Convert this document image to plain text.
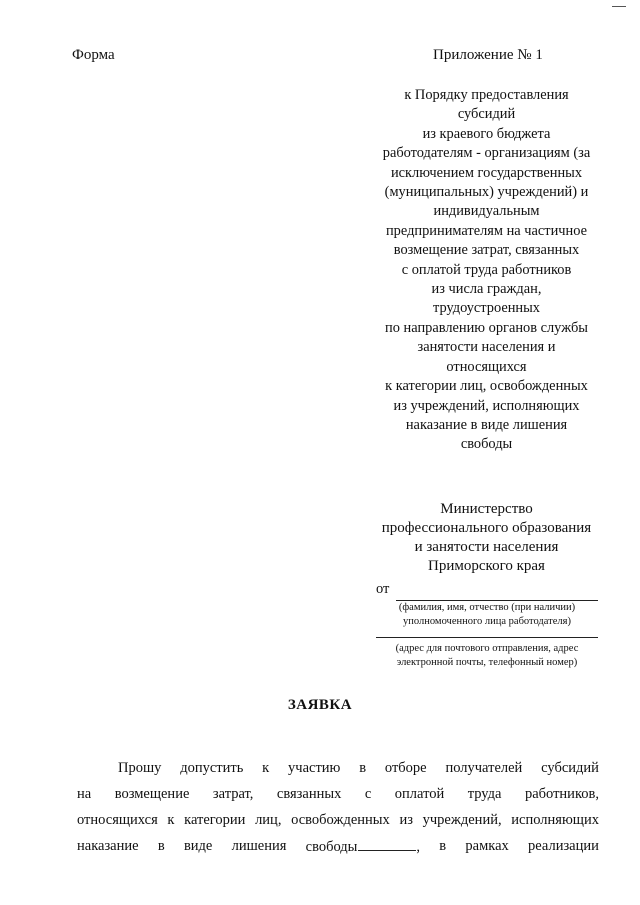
Форма	Приложение № 1
к Порядку предоставления
субсидий
из краевого бюджета
работодателям - организациям (за
исключением государственных
(муниципальных) учреждений) и
индивидуальным
предпринимателям на частичное
возмещение затрат, связанных
с оплатой труда работников
из числа граждан,
трудоустроенных
по направлению органов службы
занятости населения и
относящихся
к категории лиц, освобожденных
из учреждений, исполняющих
наказание в виде лишения
свободы
Министерство
профессионального образования
и занятости населения
Приморского края
от
(фамилия, имя, отчество (при наличии)
уполномоченного лица работодателя)
(адрес для почтового отправления, адрес
электронной почты, телефонный номер)
ЗАЯВКА
Прошу допустить к участию в отборе получателей субсидий
на возмещение затрат, связанных с оплатой труда работников,
относящихся к категории лиц, освобожденных из учреждений, исполняющих
наказание в виде лишения свободы	, в рамках реализации
